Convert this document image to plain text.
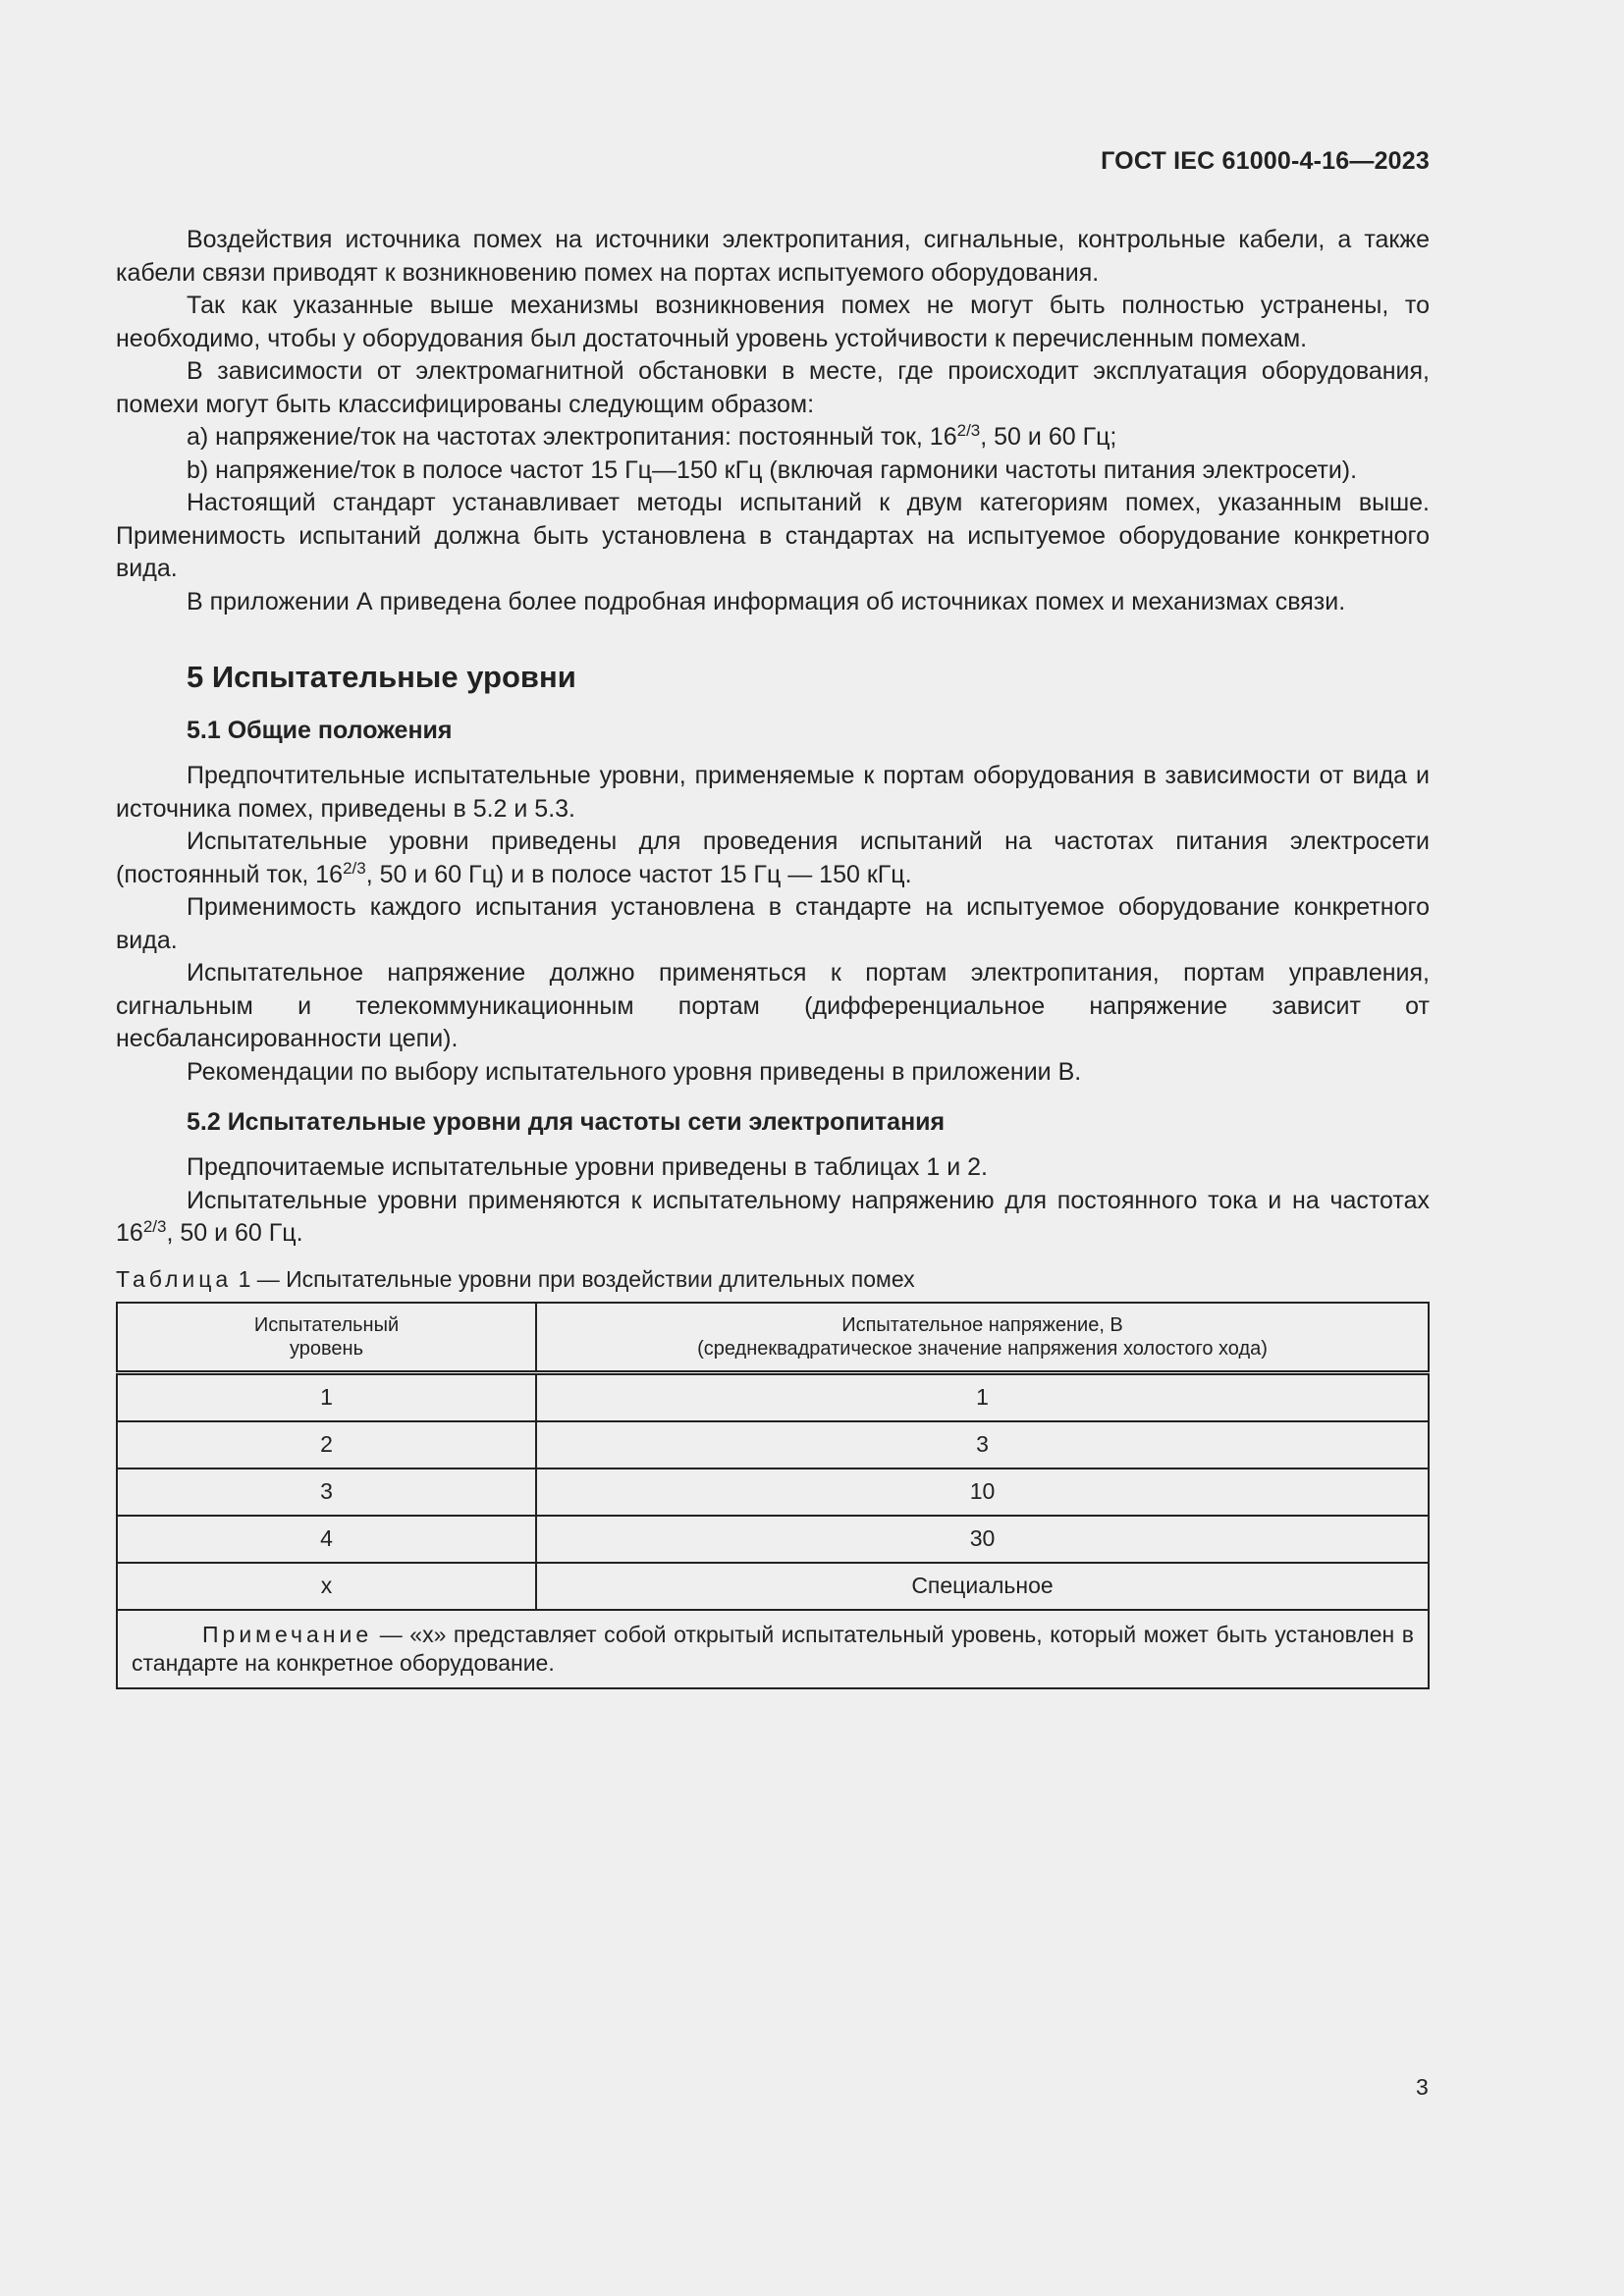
ГОСТ IEC 61000-4-16—2023

Воздействия источника помех на источники электропитания, сигнальные, контрольные кабели, а также кабели связи приводят к возникновению помех на портах испытуемого оборудования.

Так как указанные выше механизмы возникновения помех не могут быть полностью устранены, то необходимо, чтобы у оборудования был достаточный уровень устойчивости к перечисленным помехам.

В зависимости от электромагнитной обстановки в месте, где происходит эксплуатация оборудования, помехи могут быть классифицированы следующим образом:

a) напряжение/ток на частотах электропитания: постоянный ток, $16^{2/3}$, 50 и 60 Гц;

b) напряжение/ток в полосе частот 15 Гц—150 кГц (включая гармоники частоты питания электросети).

Настоящий стандарт устанавливает методы испытаний к двум категориям помех, указанным выше. Применимость испытаний должна быть установлена в стандартах на испытуемое оборудование конкретного вида.

В приложении А приведена более подробная информация об источниках помех и механизмах связи.

5 Испытательные уровни
5.1 Общие положения

Предпочтительные испытательные уровни, применяемые к портам оборудования в зависимости от вида и источника помех, приведены в 5.2 и 5.3.

Испытательные уровни приведены для проведения испытаний на частотах питания электросети (постоянный ток, $16^{2/3}$, 50 и 60 Гц) и в полосе частот 15 Гц — 150 кГц.

Применимость каждого испытания установлена в стандарте на испытуемое оборудование конкретного вида.

Испытательное напряжение должно применяться к портам электропитания, портам управления, сигнальным и телекоммуникационным портам (дифференциальное напряжение зависит от несбалансированности цепи).

Рекомендации по выбору испытательного уровня приведены в приложении В.

5.2 Испытательные уровни для частоты сети электропитания

Предпочитаемые испытательные уровни приведены в таблицах 1 и 2.

Испытательные уровни применяются к испытательному напряжению для постоянного тока и на частотах $16^{2/3}$, 50 и 60 Гц.

Таблица 1 — Испытательные уровни при воздействии длительных помех
Испытательный
уровень	Испытательное напряжение, В
(среднеквадратическое значение напряжения холостого хода)
1	1
2	3
3	10
4	30
x	Специальное
Примечание — «х» представляет собой открытый испытательный уровень, который может быть установлен в стандарте на конкретное оборудование.	
3
